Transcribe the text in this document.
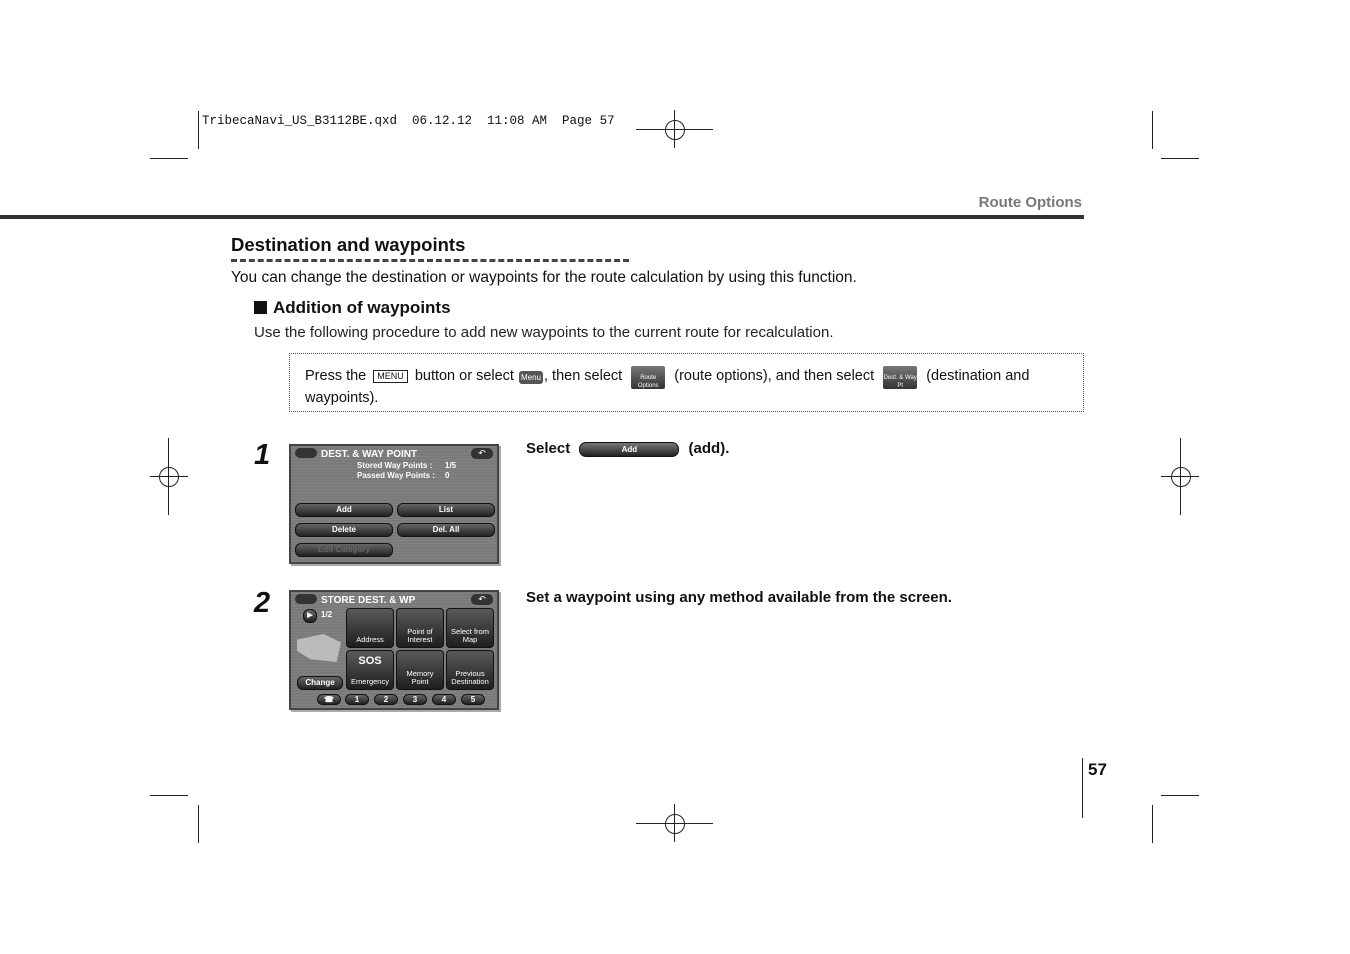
TribecaNavi_US_B3112BE.qxd  06.12.12  11:08 AM  Page 57
Route Options
Destination and waypoints
You can change the destination or waypoints for the route calculation by using this function.
Addition of waypoints
Use the following procedure to add new waypoints to the current route for recalculation.
Press the MENU button or select Menu , then select	Route Options (route options), and then select Dest. & Way Pt (destination and waypoints).
1	DEST. & WAY POINT	↶
Stored Way Points : 1/5
Passed Way Points : 0
Add	List
Delete	Del. All
Edit Category
Select	Add	(add).
2	STORE DEST. & WP	↶
▶	1/2
Change
Address
Point of Interest
Select from Map
SOS
Emergency
Memory Point
Previous Destination
☎	1	2	3	4	5
Set a waypoint using any method available from the screen.
57
